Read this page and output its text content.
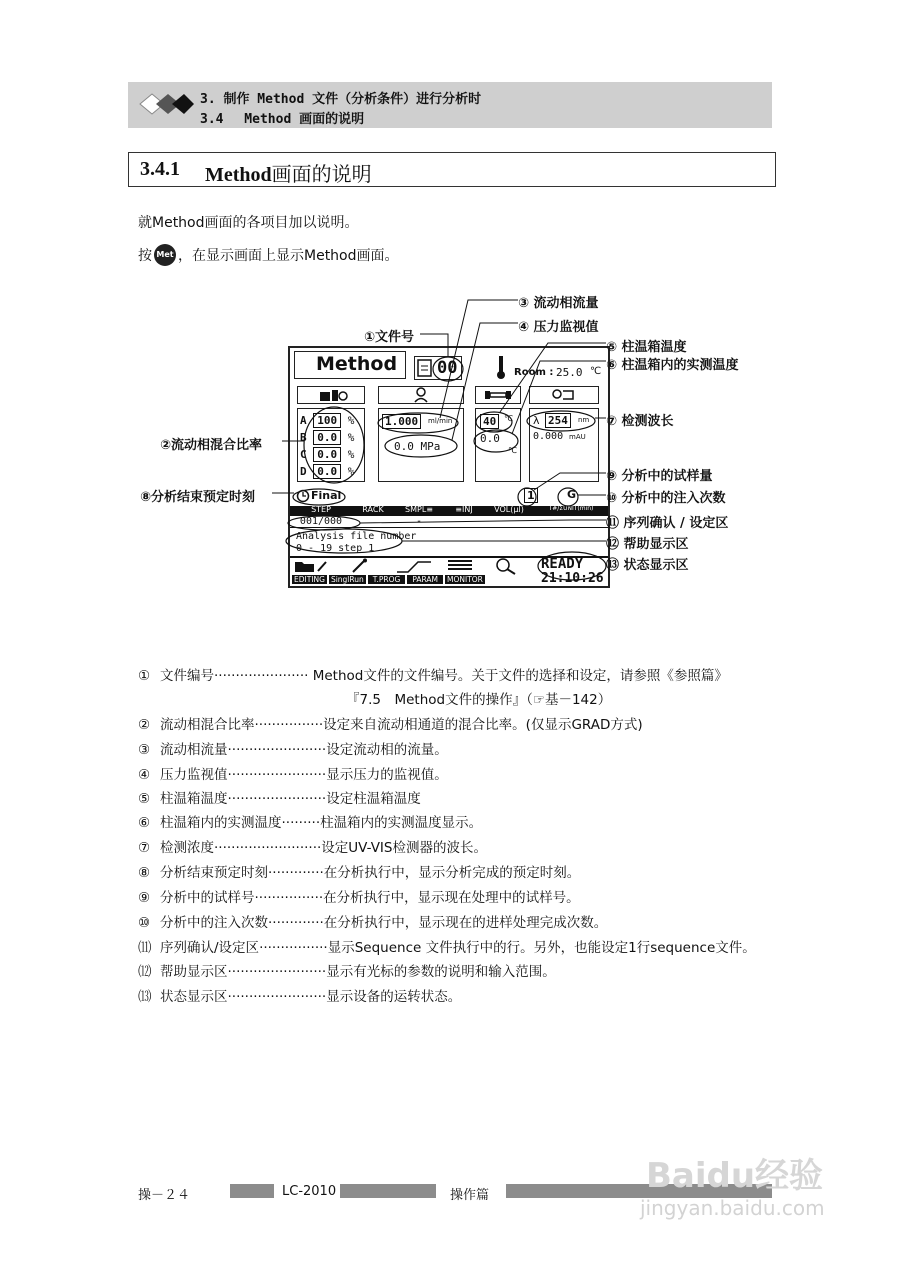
3. 制作 Method 文件（分析条件）进行分析时
3.4　 Method 画面的说明
3.4.1 Method画面的说明
就Method画面的各项目加以说明。
按 Met ，在显示画面上显示Method画面。
Method 00	Room : 25.0 ℃
A 100 %
B 0.0 %
C 0.0 %
D 0.0 %
1.000	ml/min
0.0 MPa
40 ℃
0.0
℃
λ 254	nm
0.000 mAU
Final	1	G
STEP	RACK	SMPL≡	≡INJ	VOL(μl)	T#/ΣUNIT(min)
001/000	-
Analysis file number
0 - 19 step 1
EDITING SinglRun	T.PROG	PARAM	MONITOR
READY
21:10:26
①文件号
③ 流动相流量
④ 压力监视值
⑤ 柱温箱温度
⑥ 柱温箱内的实测温度
⑦ 检测波长
②流动相混合比率
⑧分析结束预定时刻
⑨ 分析中的试样量
⑩ 分析中的注入次数
⑪ 序列确认 / 设定区
⑫ 帮助显示区
⑬ 状态显示区
① 文件编号······················ Method文件的文件编号。关于文件的选择和设定，请参照《参照篇》
『7.5　Method文件的操作』（☞基－142）
② 流动相混合比率················设定来自流动相通道的混合比率。(仅显示GRAD方式)
③ 流动相流量·······················设定流动相的流量。
④ 压力监视值·······················显示压力的监视值。
⑤ 柱温箱温度·······················设定柱温箱温度
⑥ 柱温箱内的实测温度·········柱温箱内的实测温度显示。
⑦ 检测浓度·························设定UV-VIS检测器的波长。
⑧ 分析结束预定时刻·············在分析执行中，显示分析完成的预定时刻。
⑨ 分析中的试样号················在分析执行中，显示现在处理中的试样号。
⑩ 分析中的注入次数·············在分析执行中，显示现在的进样处理完成次数。
⑾ 序列确认/设定区················显示Sequence 文件执行中的行。另外，也能设定1行sequence文件。
⑿ 帮助显示区·······················显示有光标的参数的说明和输入范围。
⒀ 状态显示区·······················显示设备的运转状态。
操－２４	LC-2010	操作篇	Baidu经验
jingyan.baidu.com
